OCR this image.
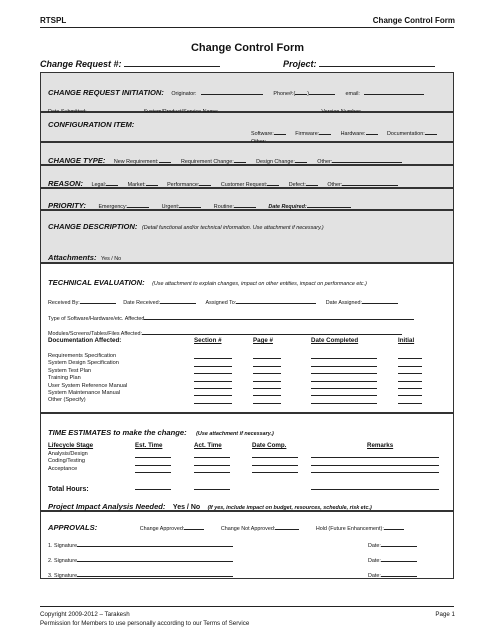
RTSPL	Change Control Form
Change Control Form
Change Request #:	Project:
CHANGE REQUEST INITIATION: Originator:	Phone#:( )	email:

CONFIGURATION ITEM:
Software:	Firmware:	Hardware:	Documentation:
CHANGE TYPE: New Requirement:	Requirement Change:	Design Change:	Other:
REASON: Legal:	Market:	Performance:	Customer Request:	Defect:	Other:
PRIORITY: Emergency:	Urgent:	Routine:	Date Required:
CHANGE DESCRIPTION: (Detail functional and/or technical information. Use attachment if necessary.)
Attachments: Yes / No
TECHNICAL EVALUATION: (Use attachment to explain changes, impact on other entities, impact on performance etc.)
Received By:	Date Received:	Assigned To:	Date Assigned:
Type of Software/Hardware/etc. Affected
Modules/Screens/Tables/Files Affected:
Documentation Affected:	Section #	Page #	Date Completed	Initial
Requirements Specification
System Design Specification
System Test Plan
Training Plan
User System Reference Manual
System Maintenance Manual
Other (Specify)
TIME ESTIMATES to make the change: (Use attachment if necessary.)
Lifecycle Stage	Est. Time	Act. Time	Date Comp.	Remarks
Analysis/Design
Coding/Testing
Acceptance
Total Hours:
Project Impact Analysis Needed: Yes / No (If yes, include impact on budget, resources, schedule, risk etc.)
APPROVALS:	Change Approved:	Change Not Approved:	Hold (Future Enhancement):
1. Signature	Date:
2. Signature	Date:
3. Signature	Date:
Copyright 2009-2012 – Tarakesh
Permission for Members to use personally according to our Terms of Service
Page 1
